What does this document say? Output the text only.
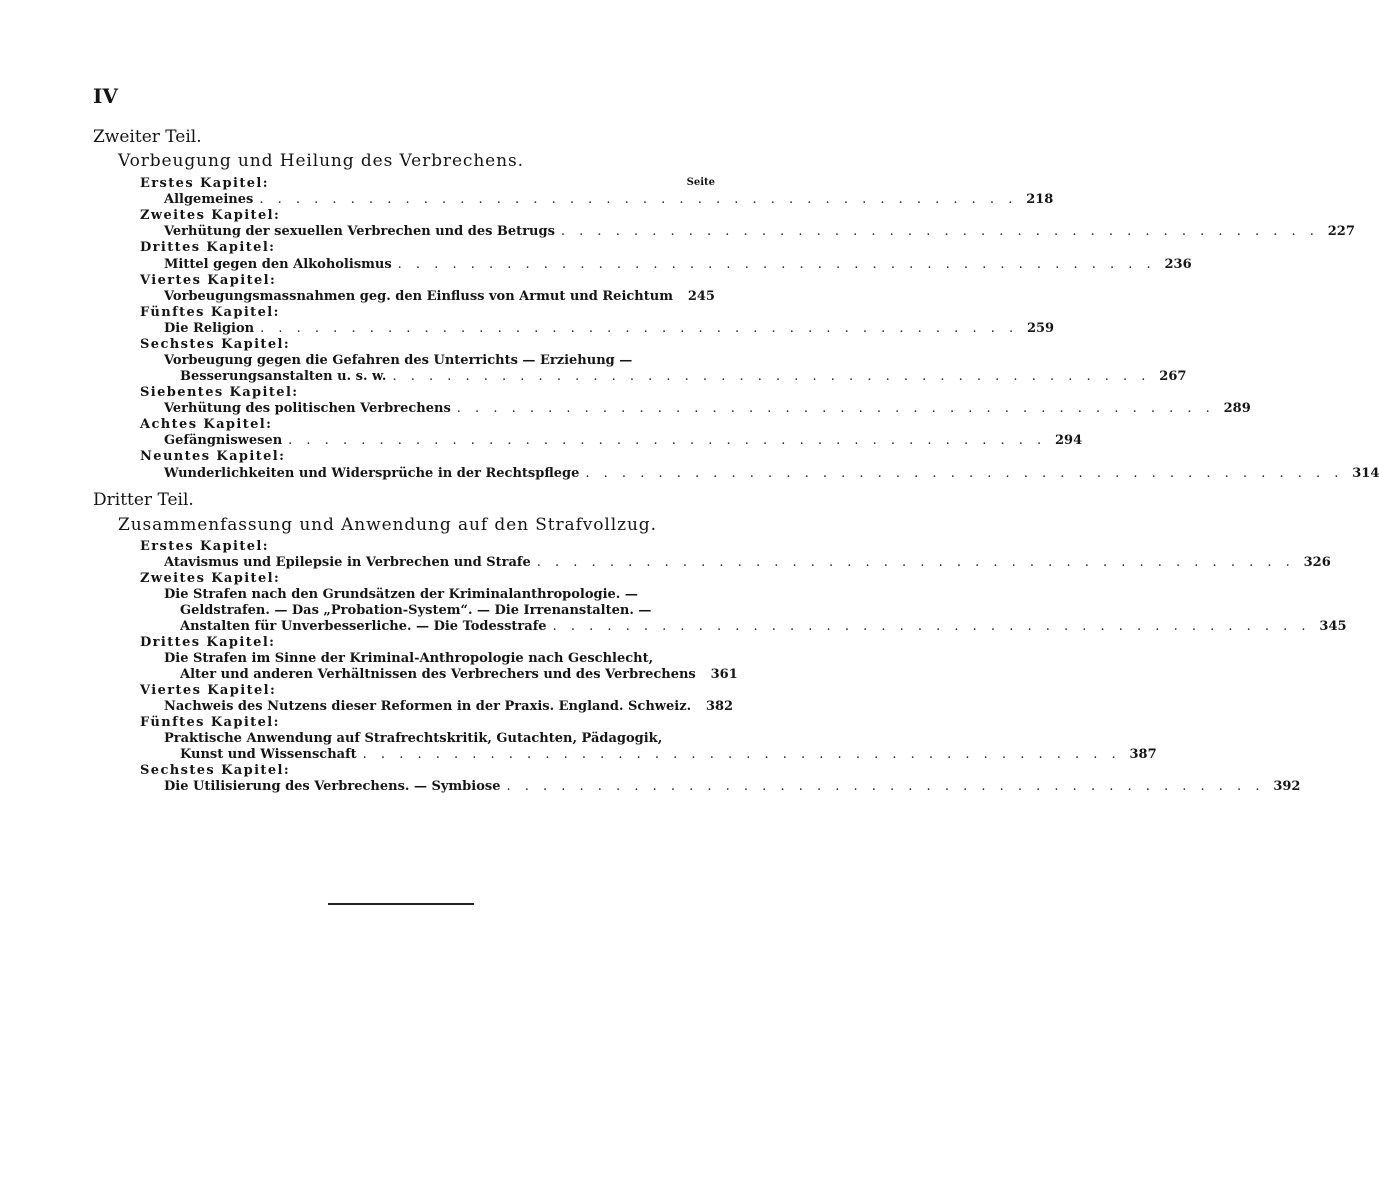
IV
Zweiter Teil.
Vorbeugung und Heilung des Verbrechens.
Seite
Erstes Kapitel:
Allgemeines . . . . . . . . . . . . . . . . . . . . . . . . . . . . . . . . . . . . . . . . . . 218
Zweites Kapitel:
Verhütung der sexuellen Verbrechen und des Betrugs . . . . . . . . . . . . . . . . . . . . . . . . . . . . . . . . . . . . . . . . . . 227
Drittes Kapitel:
Mittel gegen den Alkoholismus . . . . . . . . . . . . . . . . . . . . . . . . . . . . . . . . . . . . . . . . . . 236
Viertes Kapitel:
Vorbeugungsmassnahmen geg. den Einfluss von Armut und Reichtum 245
Fünftes Kapitel:
Die Religion . . . . . . . . . . . . . . . . . . . . . . . . . . . . . . . . . . . . . . . . . . 259
Sechstes Kapitel:
Vorbeugung gegen die Gefahren des Unterrichts — Erziehung —
Besserungsanstalten u. s. w. . . . . . . . . . . . . . . . . . . . . . . . . . . . . . . . . . . . . . . . . . . 267
Siebentes Kapitel:
Verhütung des politischen Verbrechens . . . . . . . . . . . . . . . . . . . . . . . . . . . . . . . . . . . . . . . . . . 289
Achtes Kapitel:
Gefängniswesen . . . . . . . . . . . . . . . . . . . . . . . . . . . . . . . . . . . . . . . . . . 294
Neuntes Kapitel:
Wunderlichkeiten und Widersprüche in der Rechtspflege . . . . . . . . . . . . . . . . . . . . . . . . . . . . . . . . . . . . . . . . . . 314
Dritter Teil.
Zusammenfassung und Anwendung auf den Strafvollzug.
Erstes Kapitel:
Atavismus und Epilepsie in Verbrechen und Strafe . . . . . . . . . . . . . . . . . . . . . . . . . . . . . . . . . . . . . . . . . . 326
Zweites Kapitel:
Die Strafen nach den Grundsätzen der Kriminalanthropologie. —
Geldstrafen. — Das „Probation-System“. — Die Irrenanstalten. —
Anstalten für Unverbesserliche. — Die Todesstrafe . . . . . . . . . . . . . . . . . . . . . . . . . . . . . . . . . . . . . . . . . . 345
Drittes Kapitel:
Die Strafen im Sinne der Kriminal-Anthropologie nach Geschlecht,
Alter und anderen Verhältnissen des Verbrechers und des Verbrechens 361
Viertes Kapitel:
Nachweis des Nutzens dieser Reformen in der Praxis. England. Schweiz. 382
Fünftes Kapitel:
Praktische Anwendung auf Strafrechtskritik, Gutachten, Pädagogik,
Kunst und Wissenschaft . . . . . . . . . . . . . . . . . . . . . . . . . . . . . . . . . . . . . . . . . . 387
Sechstes Kapitel:
Die Utilisierung des Verbrechens. — Symbiose . . . . . . . . . . . . . . . . . . . . . . . . . . . . . . . . . . . . . . . . . . 392
